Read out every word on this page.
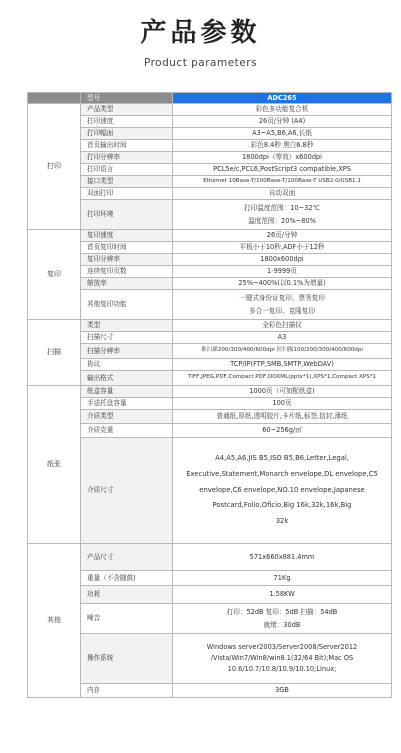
产品参数
Product parameters
	型号	ADC265
打印	产品类型	彩色多功能复合机

	打印速度	26页/分钟 (A4)

	打印幅面	A3~A5,B6,A6,长纸

	首页输出时间	彩色8.4秒 黑白6.8秒

	打印分辨率	1800dpi（等效）x600dpi

	打印语言	PCL5e/c,PCL6,PostScript3 compatible,XPS

	接口类型	Ethemet 10Base-T/100Base-T/100Base-T USB2.0/USB1.1

	双面打印	自动双面

	打印环境	打印温度范围：10~32℃
温度范围：20%~80%

复印	复印速度	26页/分钟

	首页复印时间	平板小于10秒,ADF小于12秒

	复印分辨率	1800x600dpi

	连续复印页数	1-9999页

	缩放率	25%~400%(以0.1%为增量)

	其他复印功能	一键式身份证复印、票务复印
多合一复印、克隆复印

扫描	类型	全彩色扫描仪

	扫描尺寸	A3

	扫描分辨率	推扫描200/300/400/600dpi 拉扫描100/200/300/400/600dpi

	协议	TCP/IP(FTP,SMB,SMTP,WebDAV)

	输出格式	TIFF,JPEG,PDF,Compact PDF,OOXML(pptx*1),XPS*1,Compact XPS*1

纸张	纸盒容量	1000页（可加配纸盒)

	手送托盘容量	100页

	介质类型	普通纸,厚纸,透明胶片,卡片纸,标签,信封,薄纸

	介质克重	60~256g/㎡

	介质尺寸	A4,A5,A6,JIS B5,ISO B5,B6,Letter,Legal,
Executive,Statement,Monarch envelope,DL envelope,C5
envelope,C6 envelope,NO.10 envelope,Japanese
Postcard,Folio,Oficio,Big 16k,32k,16k,Big
32k

其他	产品尺寸	571x660x881.4mm

	重量（不含随鼓)	71Kg

	功耗	1.58KW

	噪音	打印：52dB 复印：5dB 扫描：54dB
就绪：30dB

	操作系统	Windows server2003/Server2008/Server2012
/Vista/Win7/Win8/win8.1(32/64 Bit);Mac OS
10.6/10.7/10.8/10.9/10.10;Linux;

	内存	3GB
